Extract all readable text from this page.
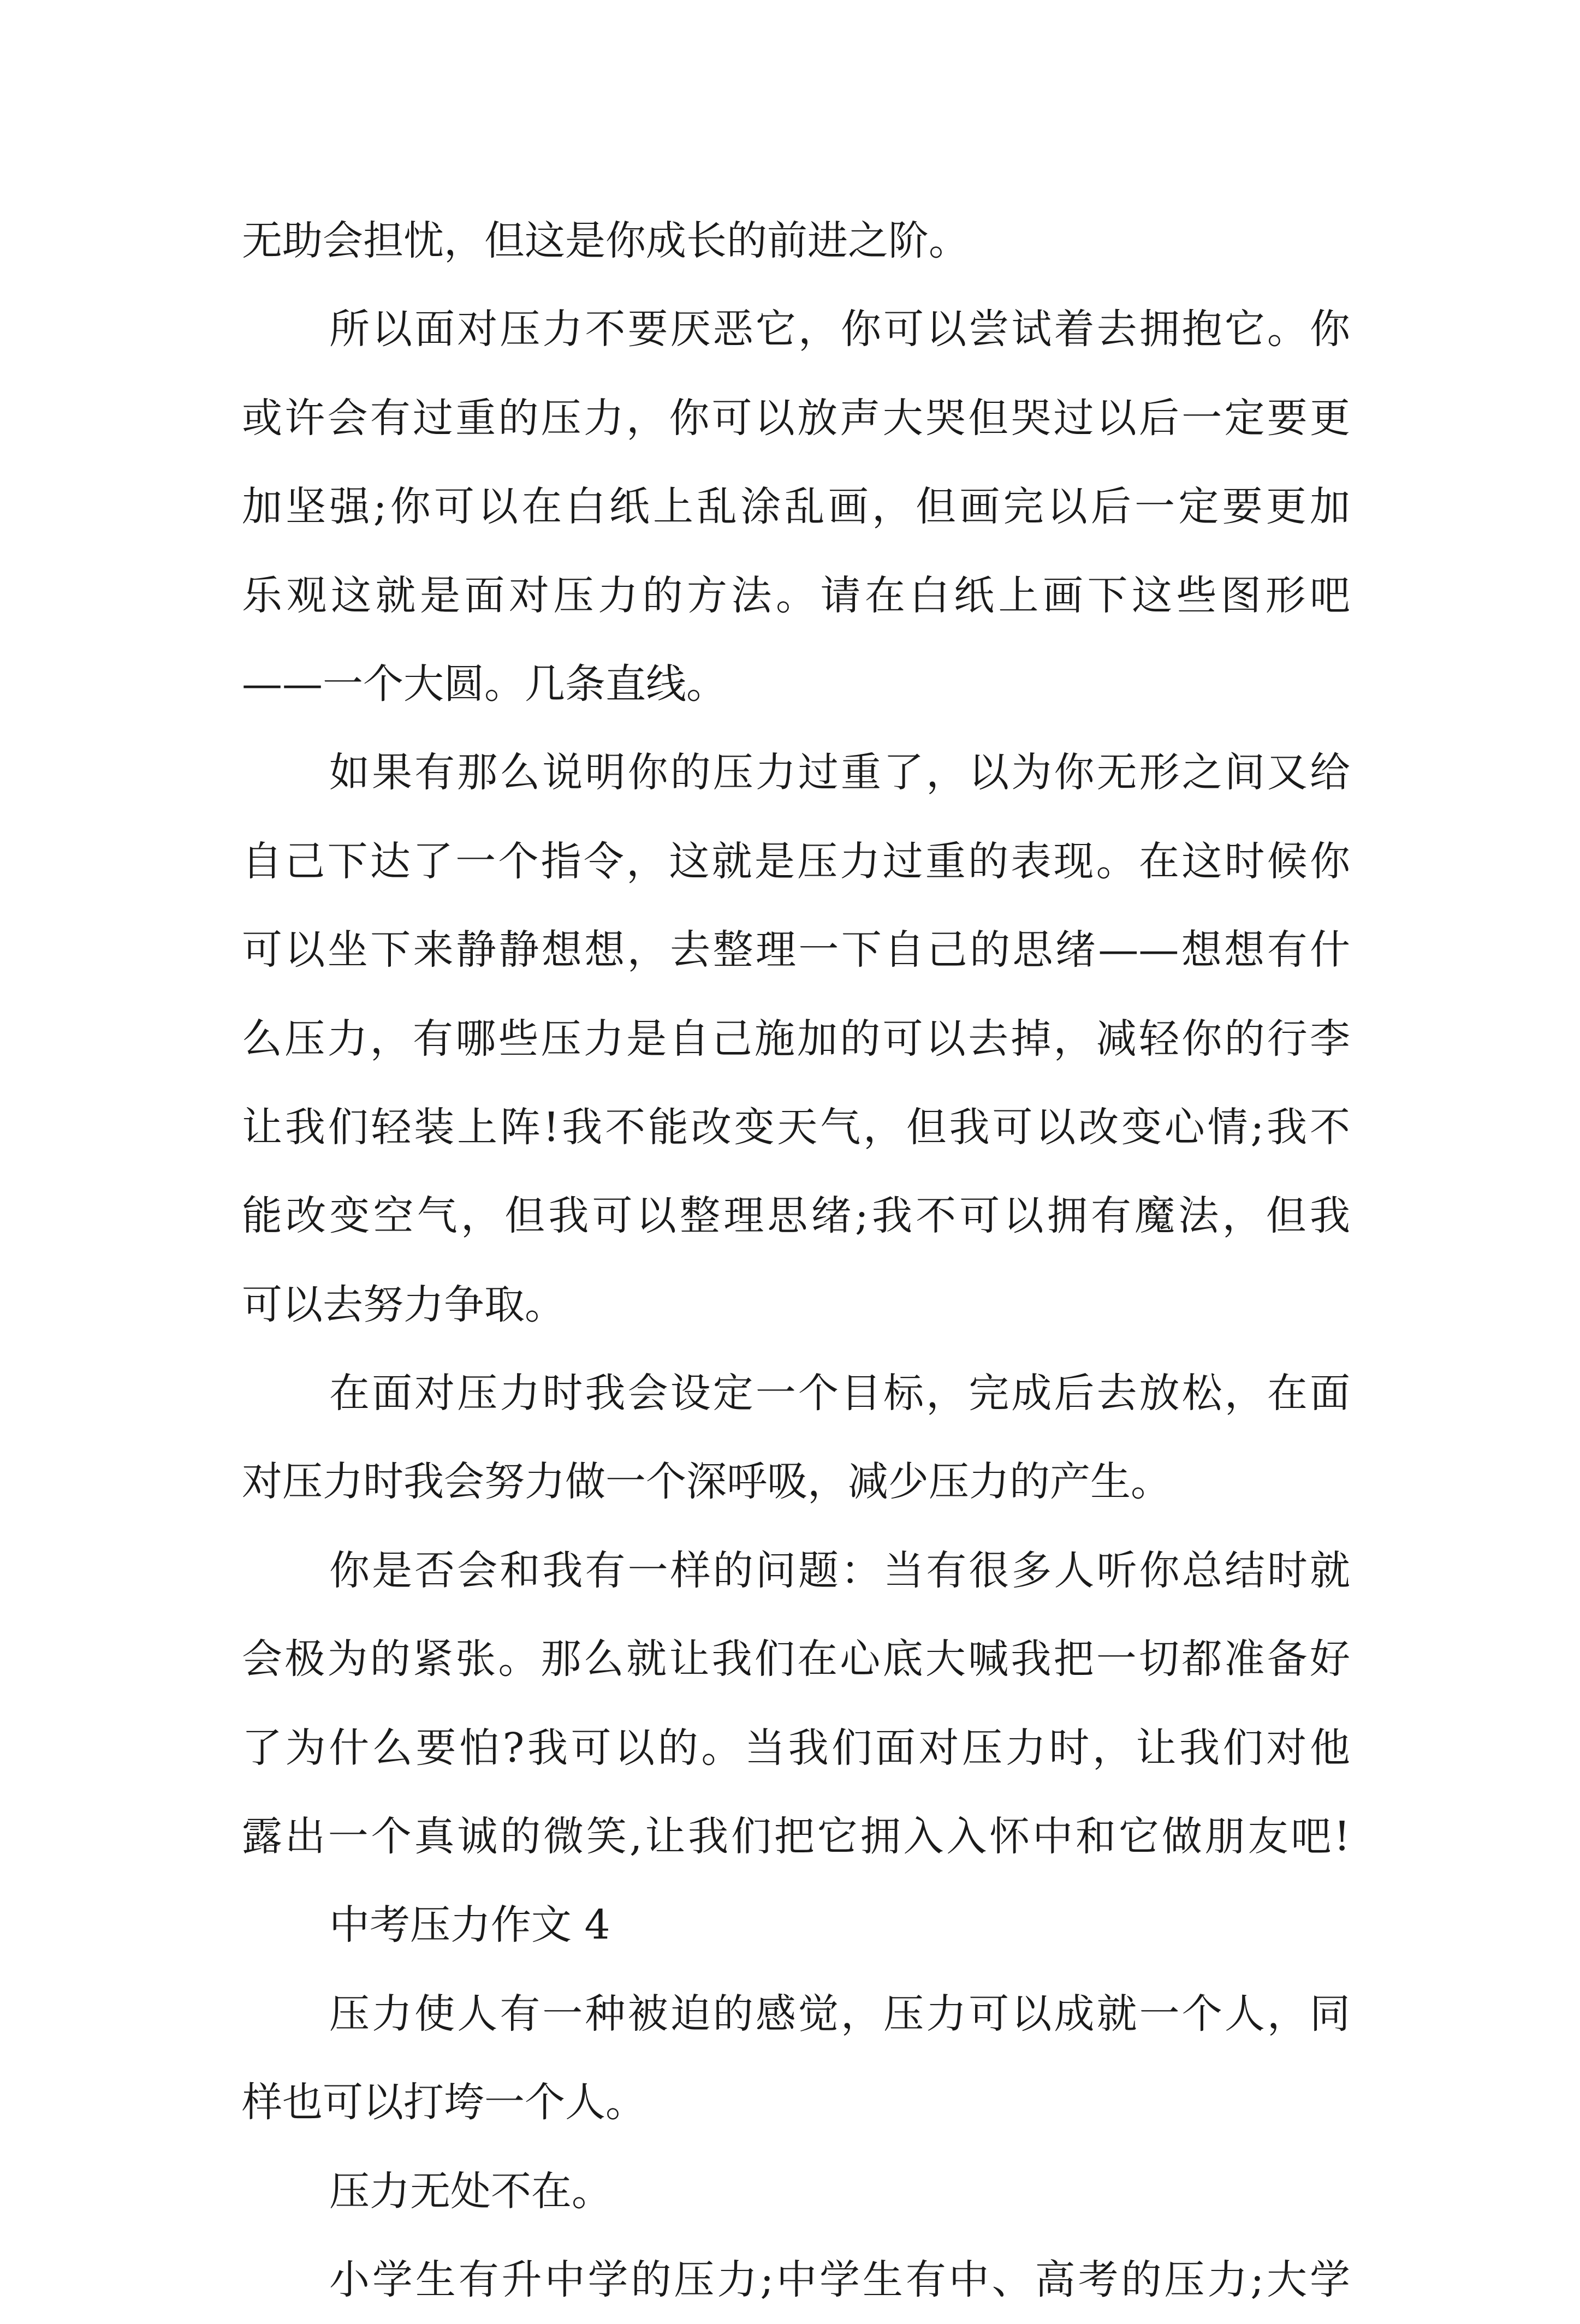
无助会担忧，但这是你成长的前进之阶。
所以面对压力不要厌恶它，你可以尝试着去拥抱它。你
或许会有过重的压力，你可以放声大哭但哭过以后一定要更
加坚强;你可以在白纸上乱涂乱画，但画完以后一定要更加
乐观这就是面对压力的方法。请在白纸上画下这些图形吧
——一个大圆。几条直线。
如果有那么说明你的压力过重了，以为你无形之间又给
自己下达了一个指令，这就是压力过重的表现。在这时候你
可以坐下来静静想想，去整理一下自己的思绪——想想有什
么压力，有哪些压力是自己施加的可以去掉，减轻你的行李
让我们轻装上阵!我不能改变天气，但我可以改变心情;我不
能改变空气，但我可以整理思绪;我不可以拥有魔法，但我
可以去努力争取。
在面对压力时我会设定一个目标，完成后去放松，在面
对压力时我会努力做一个深呼吸，减少压力的产生。
你是否会和我有一样的问题：当有很多人听你总结时就
会极为的紧张。那么就让我们在心底大喊我把一切都准备好
了为什么要怕?我可以的。当我们面对压力时，让我们对他
露出一个真诚的微笑,让我们把它拥入入怀中和它做朋友吧!
中考压力作文 4
压力使人有一种被迫的感觉，压力可以成就一个人，同
样也可以打垮一个人。
压力无处不在。
小学生有升中学的压力;中学生有中、高考的压力;大学
